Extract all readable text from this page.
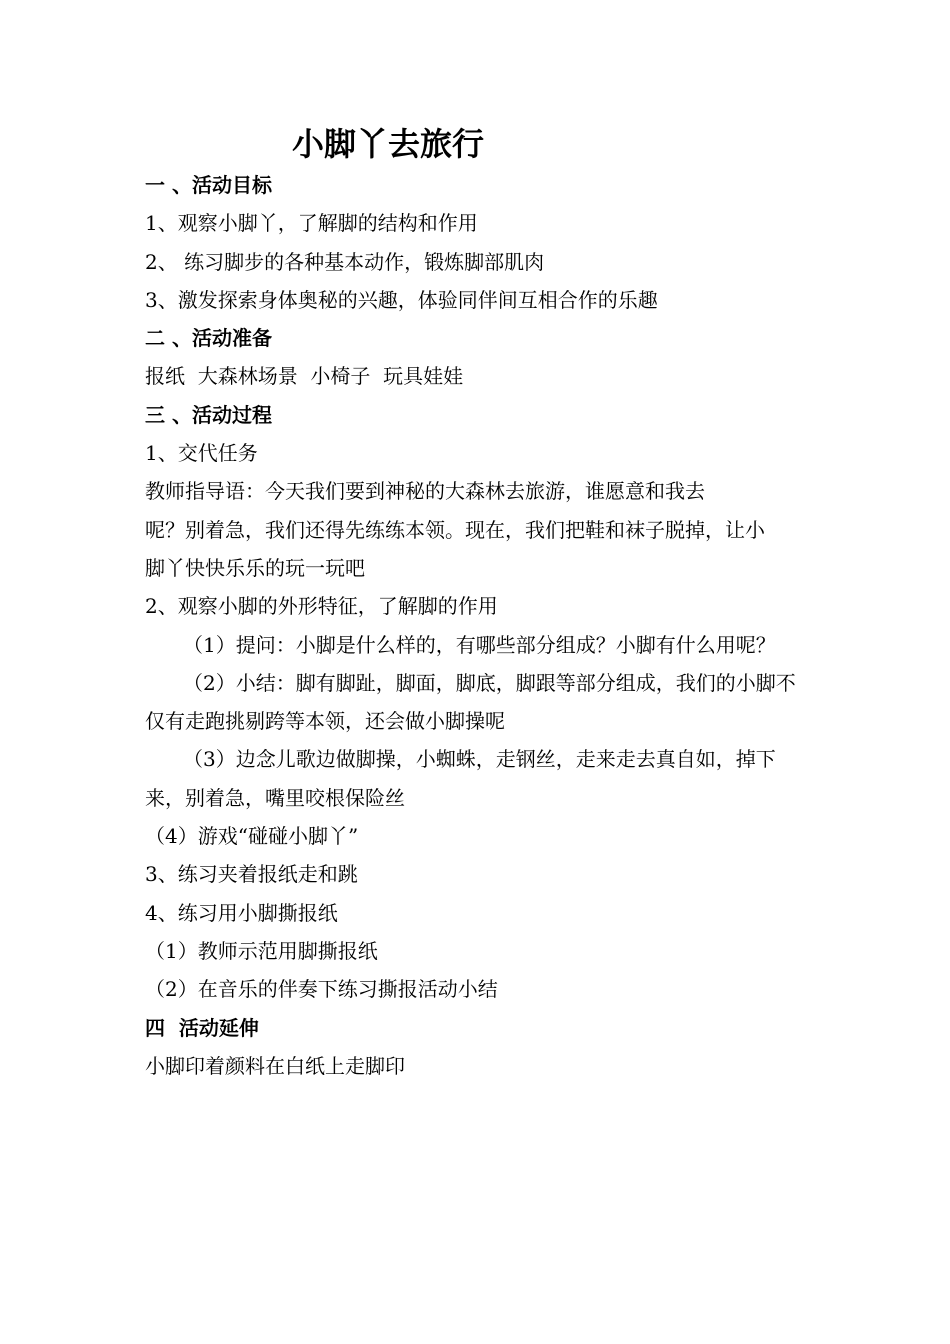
小脚丫去旅行

一 、活动目标

1、观察小脚丫，了解脚的结构和作用

2、 练习脚步的各种基本动作，锻炼脚部肌肉

3、激发探索身体奥秘的兴趣，体验同伴间互相合作的乐趣

二 、活动准备

报纸  大森林场景  小椅子  玩具娃娃

三 、活动过程

1、交代任务

教师指导语：今天我们要到神秘的大森林去旅游，谁愿意和我去

呢？别着急，我们还得先练练本领。现在，我们把鞋和袜子脱掉，让小

脚丫快快乐乐的玩一玩吧

2、观察小脚的外形特征，了解脚的作用

（1）提问：小脚是什么样的，有哪些部分组成？小脚有什么用呢？

（2）小结：脚有脚趾，脚面，脚底，脚跟等部分组成，我们的小脚不

仅有走跑挑剔跨等本领，还会做小脚操呢

（3）边念儿歌边做脚操，小蜘蛛，走钢丝，走来走去真自如，掉下

来，别着急，嘴里咬根保险丝

（4）游戏“碰碰小脚丫”

3、练习夹着报纸走和跳

4、练习用小脚撕报纸

（1）教师示范用脚撕报纸

（2）在音乐的伴奏下练习撕报活动小结

四  活动延伸

小脚印着颜料在白纸上走脚印
